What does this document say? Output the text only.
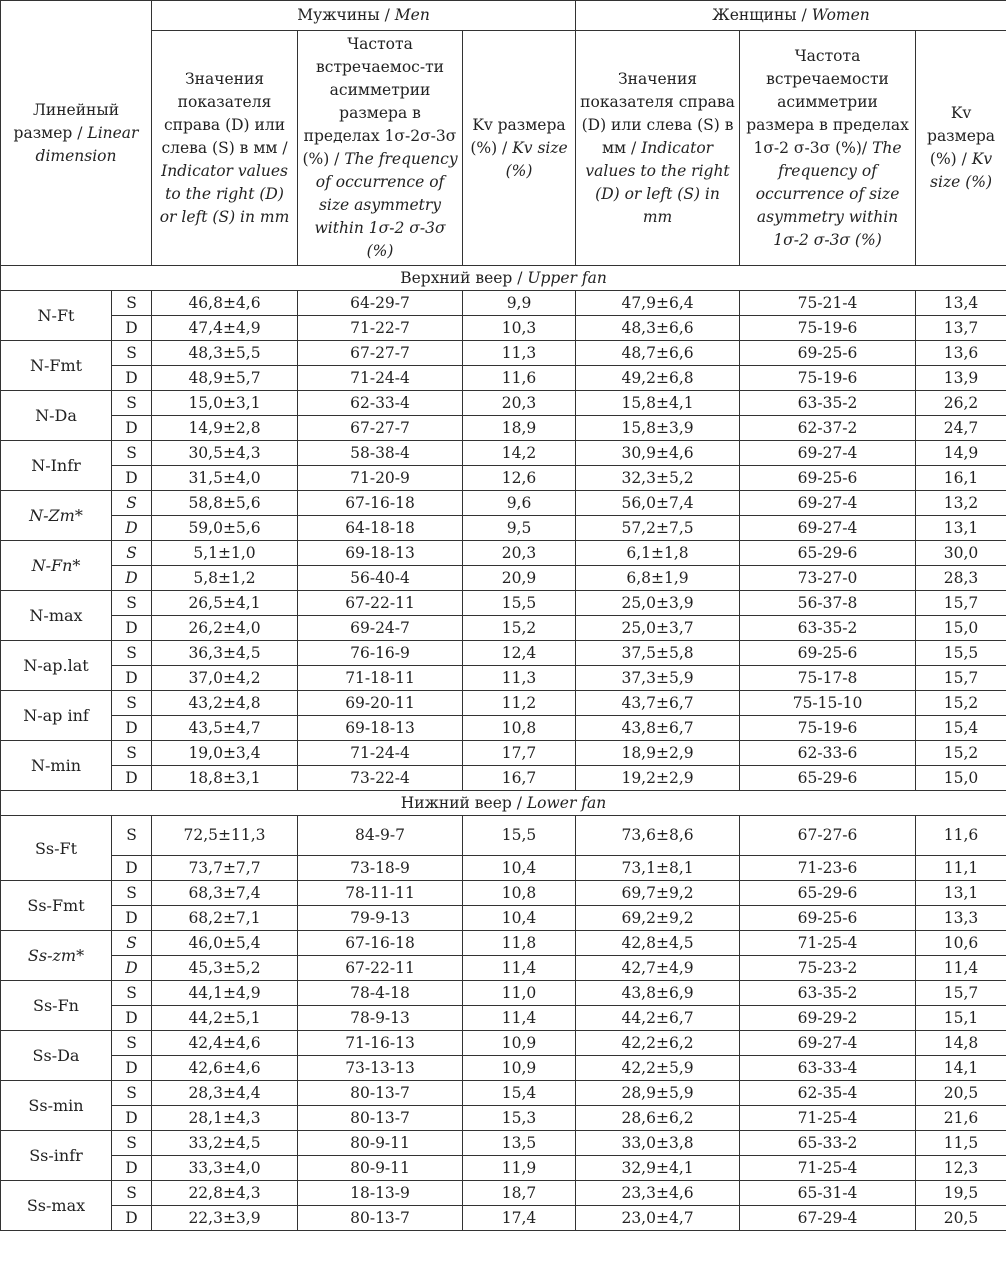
Линейный размер / Linear dimension		Мужчины / Men			Женщины / Women		
		Значения показателя справа (D) или слева (S) в мм / Indicator values to the right (D) or left (S) in mm	Частота встречаемос-ти асимметрии размера в пределах 1σ-2σ-3σ (%) / The frequency of occurrence of size asymmetry within 1σ-2 σ-3σ (%)	Kv размера (%) / Kv size (%)	Значения показателя справа (D) или слева (S) в мм / Indicator values to the right (D) or left (S) in mm	Частота встречаемости асимметрии размера в пределах 1σ-2 σ-3σ (%)/ The frequency of occurrence of size asymmetry within 1σ-2 σ-3σ (%)	Kv размера (%) / Kv size (%)
Верхний веер / Upper fan							
N-Ft	S	46,8±4,6	64-29-7	9,9	47,9±6,4	75-21-4	13,4
	D	47,4±4,9	71-22-7	10,3	48,3±6,6	75-19-6	13,7
N-Fmt	S	48,3±5,5	67-27-7	11,3	48,7±6,6	69-25-6	13,6
	D	48,9±5,7	71-24-4	11,6	49,2±6,8	75-19-6	13,9
N-Da	S	15,0±3,1	62-33-4	20,3	15,8±4,1	63-35-2	26,2
	D	14,9±2,8	67-27-7	18,9	15,8±3,9	62-37-2	24,7
N-Infr	S	30,5±4,3	58-38-4	14,2	30,9±4,6	69-27-4	14,9
	D	31,5±4,0	71-20-9	12,6	32,3±5,2	69-25-6	16,1
N-Zm*	S	58,8±5,6	67-16-18	9,6	56,0±7,4	69-27-4	13,2
	D	59,0±5,6	64-18-18	9,5	57,2±7,5	69-27-4	13,1
N-Fn*	S	5,1±1,0	69-18-13	20,3	6,1±1,8	65-29-6	30,0
	D	5,8±1,2	56-40-4	20,9	6,8±1,9	73-27-0	28,3
N-max	S	26,5±4,1	67-22-11	15,5	25,0±3,9	56-37-8	15,7
	D	26,2±4,0	69-24-7	15,2	25,0±3,7	63-35-2	15,0
N-ap.lat	S	36,3±4,5	76-16-9	12,4	37,5±5,8	69-25-6	15,5
	D	37,0±4,2	71-18-11	11,3	37,3±5,9	75-17-8	15,7
N-ap inf	S	43,2±4,8	69-20-11	11,2	43,7±6,7	75-15-10	15,2
	D	43,5±4,7	69-18-13	10,8	43,8±6,7	75-19-6	15,4
N-min	S	19,0±3,4	71-24-4	17,7	18,9±2,9	62-33-6	15,2
	D	18,8±3,1	73-22-4	16,7	19,2±2,9	65-29-6	15,0
Нижний веер / Lower fan							
Ss-Ft	S	72,5±11,3	84-9-7	15,5	73,6±8,6	67-27-6	11,6
	D	73,7±7,7	73-18-9	10,4	73,1±8,1	71-23-6	11,1
Ss-Fmt	S	68,3±7,4	78-11-11	10,8	69,7±9,2	65-29-6	13,1
	D	68,2±7,1	79-9-13	10,4	69,2±9,2	69-25-6	13,3
Ss-zm*	S	46,0±5,4	67-16-18	11,8	42,8±4,5	71-25-4	10,6
	D	45,3±5,2	67-22-11	11,4	42,7±4,9	75-23-2	11,4
Ss-Fn	S	44,1±4,9	78-4-18	11,0	43,8±6,9	63-35-2	15,7
	D	44,2±5,1	78-9-13	11,4	44,2±6,7	69-29-2	15,1
Ss-Da	S	42,4±4,6	71-16-13	10,9	42,2±6,2	69-27-4	14,8
	D	42,6±4,6	73-13-13	10,9	42,2±5,9	63-33-4	14,1
Ss-min	S	28,3±4,4	80-13-7	15,4	28,9±5,9	62-35-4	20,5
	D	28,1±4,3	80-13-7	15,3	28,6±6,2	71-25-4	21,6
Ss-infr	S	33,2±4,5	80-9-11	13,5	33,0±3,8	65-33-2	11,5
	D	33,3±4,0	80-9-11	11,9	32,9±4,1	71-25-4	12,3
Ss-max	S	22,8±4,3	18-13-9	18,7	23,3±4,6	65-31-4	19,5
	D	22,3±3,9	80-13-7	17,4	23,0±4,7	67-29-4	20,5
